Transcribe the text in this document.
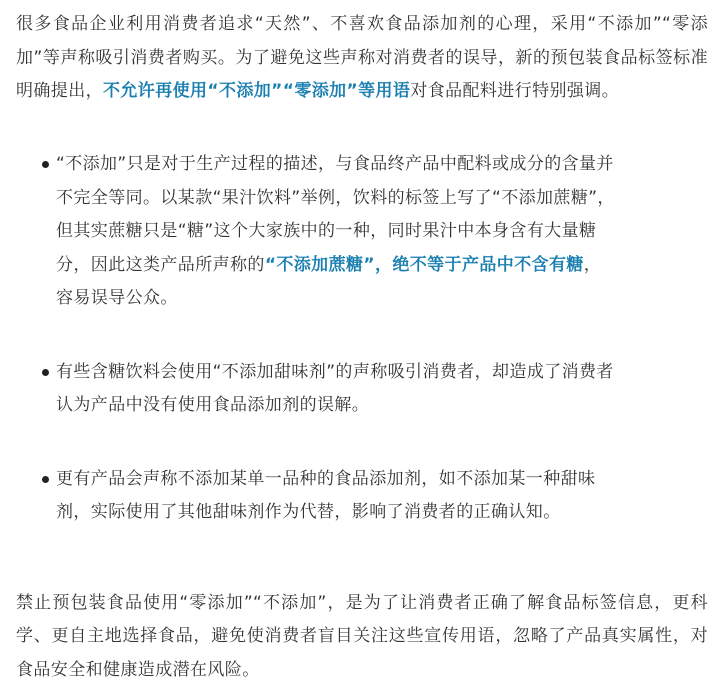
很多食品企业利用消费者追求“天然”、不喜欢食品添加剂的心理，采用“不添加”“零添加”等声称吸引消费者购买。为了避免这些声称对消费者的误导，新的预包装食品标签标准明确提出，不允许再使用“不添加”“零添加”等用语对食品配料进行特别强调。

“不添加”只是对于生产过程的描述，与食品终产品中配料或成分的含量并不完全等同。以某款“果汁饮料”举例，饮料的标签上写了“不添加蔗糖”，但其实蔗糖只是“糖”这个大家族中的一种，同时果汁中本身含有大量糖分，因此这类产品所声称的“不添加蔗糖”，绝不等于产品中不含有糖，容易误导公众。

有些含糖饮料会使用“不添加甜味剂”的声称吸引消费者，却造成了消费者认为产品中没有使用食品添加剂的误解。

更有产品会声称不添加某单一品种的食品添加剂，如不添加某一种甜味剂，实际使用了其他甜味剂作为代替，影响了消费者的正确认知。

禁止预包装食品使用“零添加”“不添加”，是为了让消费者正确了解食品标签信息，更科学、更自主地选择食品，避免使消费者盲目关注这些宣传用语，忽略了产品真实属性，对食品安全和健康造成潜在风险。
